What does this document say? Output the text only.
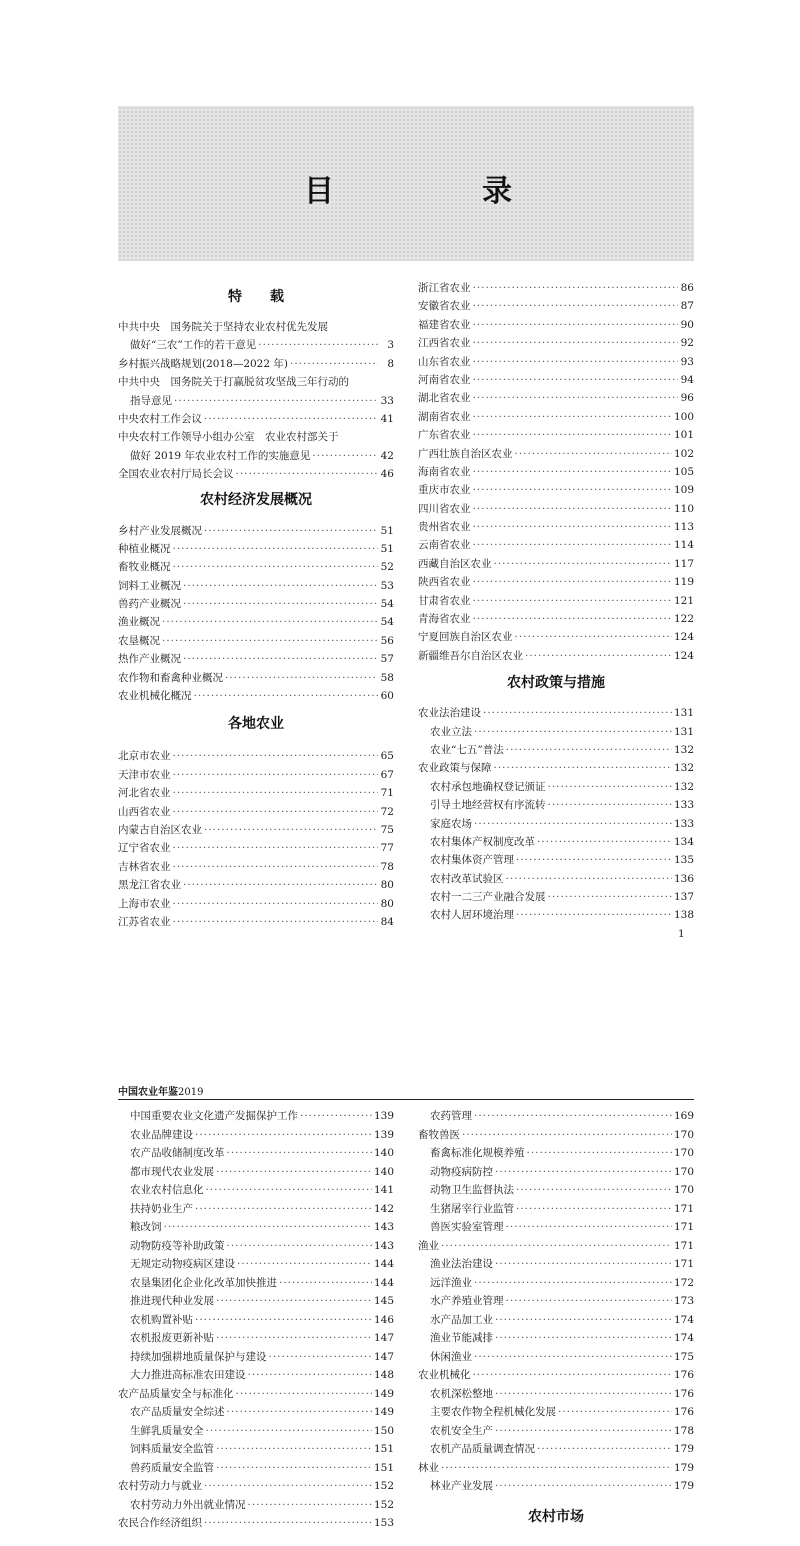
目	录
特　　载
中共中央　国务院关于坚持农业农村优先发展
做好“三农”工作的若干意见 ·····	3
乡村振兴战略规划(2018—2022 年) ·····	8
中共中央　国务院关于打赢脱贫攻坚战三年行动的
指导意见 ·····	33
中央农村工作会议 ·····	41
中央农村工作领导小组办公室　农业农村部关于
做好 2019 年农业农村工作的实施意见 ·····	42
全国农业农村厅局长会议 ·····	46
农村经济发展概况
乡村产业发展概况 ·····	51
种植业概况 ·····	51
畜牧业概况 ·····	52
饲料工业概况 ·····	53
兽药产业概况 ·····	54
渔业概况 ·····	54
农垦概况 ·····	56
热作产业概况 ·····	57
农作物和畜禽种业概况 ·····	58
农业机械化概况 ·····	60
各地农业
北京市农业 ·····	65
天津市农业 ·····	67
河北省农业 ·····	71
山西省农业 ·····	72
内蒙古自治区农业 ·····	75
辽宁省农业 ·····	77
吉林省农业 ·····	78
黑龙江省农业 ·····	80
上海市农业 ·····	80
江苏省农业 ·····	84
浙江省农业 ·····	86
安徽省农业 ·····	87
福建省农业 ·····	90
江西省农业 ·····	92
山东省农业 ·····	93
河南省农业 ·····	94
湖北省农业 ·····	96
湖南省农业 ·····	100
广东省农业 ·····	101
广西壮族自治区农业 ·····	102
海南省农业 ·····	105
重庆市农业 ·····	109
四川省农业 ·····	110
贵州省农业 ·····	113
云南省农业 ·····	114
西藏自治区农业 ·····	117
陕西省农业 ·····	119
甘肃省农业 ·····	121
青海省农业 ·····	122
宁夏回族自治区农业 ·····	124
新疆维吾尔自治区农业 ·····	124
农村政策与措施
农业法治建设 ·····	131
农业立法 ·····	131
农业“七五”普法 ·····	132
农业政策与保障 ·····	132
农村承包地确权登记颁证 ·····	132
引导土地经营权有序流转 ·····	133
家庭农场 ·····	133
农村集体产权制度改革 ·····	134
农村集体资产管理 ·····	135
农村改革试验区 ·····	136
农村一二三产业融合发展 ·····	137
农村人居环境治理 ·····	138
1
中国农业年鉴2019
中国重要农业文化遗产发掘保护工作 ·····	139
农业品牌建设 ·····	139
农产品收储制度改革 ·····	140
都市现代农业发展 ·····	140
农业农村信息化 ·····	141
扶持奶业生产 ·····	142
粮改饲 ·····	143
动物防疫等补助政策 ·····	143
无规定动物疫病区建设 ·····	144
农垦集团化企业化改革加快推进 ·····	144
推进现代种业发展 ·····	145
农机购置补贴 ·····	146
农机报废更新补贴 ·····	147
持续加强耕地质量保护与建设 ·····	147
大力推进高标准农田建设 ·····	148
农产品质量安全与标准化 ·····	149
农产品质量安全综述 ·····	149
生鲜乳质量安全 ·····	150
饲料质量安全监管 ·····	151
兽药质量安全监管 ·····	151
农村劳动力与就业 ·····	152
农村劳动力外出就业情况 ·····	152
农民合作经济组织 ·····	153
农药管理 ·····	169
畜牧兽医 ·····	170
畜禽标准化规模养殖 ·····	170
动物疫病防控 ·····	170
动物卫生监督执法 ·····	170
生猪屠宰行业监管 ·····	171
兽医实验室管理 ·····	171
渔业 ·····	171
渔业法治建设 ·····	171
远洋渔业 ·····	172
水产养殖业管理 ·····	173
水产品加工业 ·····	174
渔业节能减排 ·····	174
休闲渔业 ·····	175
农业机械化 ·····	176
农机深松整地 ·····	176
主要农作物全程机械化发展 ·····	176
农机安全生产 ·····	178
农机产品质量调查情况 ·····	179
林业 ·····	179
林业产业发展 ·····	179
农村市场
